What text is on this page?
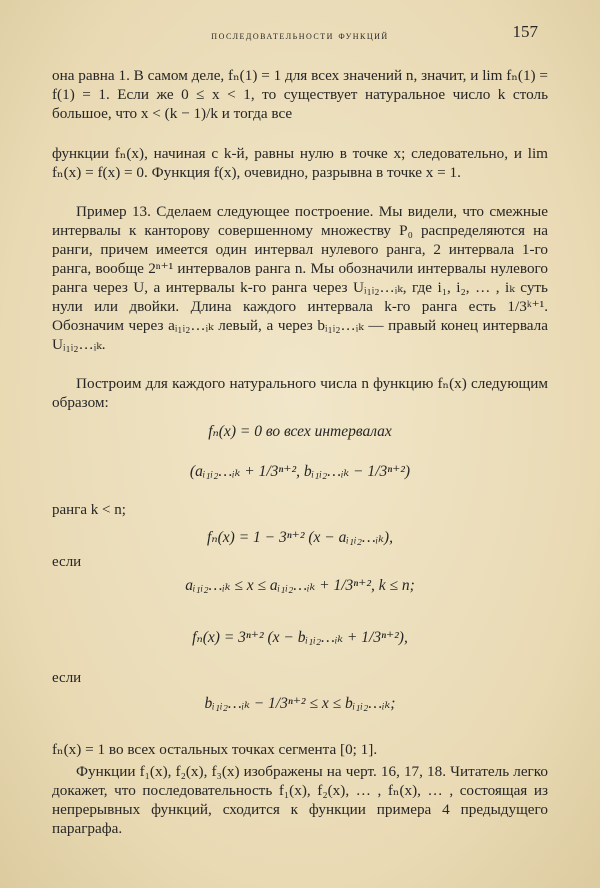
последовательности функций	157
она равна 1. В самом деле, fₙ(1) = 1 для всех значений n, значит, и lim fₙ(1) = f(1) = 1. Если же 0 ≤ x < 1, то существует натуральное число k столь большое, что x < (k − 1)/k и тогда все
функции fₙ(x), начиная с k-й, равны нулю в точке x; следовательно, и lim fₙ(x) = f(x) = 0. Функция f(x), очевидно, разрывна в точке x = 1.
Пример 13. Сделаем следующее построение. Мы видели, что смежные интервалы к канторову совершенному множеству P₀ распределяются на ранги, причем имеется один интервал нулевого ранга, 2 интервала 1-го ранга, вообще 2ⁿ⁺¹ интервалов ранга n. Мы обозначили интервалы нулевого ранга через U, а интервалы k-го ранга через Uᵢ₁ᵢ₂…ᵢₖ, где i₁, i₂, … , iₖ суть нули или двойки. Длина каждого интервала k-го ранга есть 1/3ᵏ⁺¹. Обозначим через aᵢ₁ᵢ₂…ᵢₖ левый, а через bᵢ₁ᵢ₂…ᵢₖ — правый конец интервала Uᵢ₁ᵢ₂…ᵢₖ.
Построим для каждого натурального числа n функцию fₙ(x) следующим образом:
fₙ(x) = 0 во всех интервалах
(aᵢ₁ᵢ₂…ᵢₖ + 1/3ⁿ⁺², bᵢ₁ᵢ₂…ᵢₖ − 1/3ⁿ⁺²)
ранга k < n;
fₙ(x) = 1 − 3ⁿ⁺² (x − aᵢ₁ᵢ₂…ᵢₖ),
если
aᵢ₁ᵢ₂…ᵢₖ ≤ x ≤ aᵢ₁ᵢ₂…ᵢₖ + 1/3ⁿ⁺², k ≤ n;
fₙ(x) = 3ⁿ⁺² (x − bᵢ₁ᵢ₂…ᵢₖ + 1/3ⁿ⁺²),
если
bᵢ₁ᵢ₂…ᵢₖ − 1/3ⁿ⁺² ≤ x ≤ bᵢ₁ᵢ₂…ᵢₖ;
fₙ(x) = 1 во всех остальных точках сегмента [0; 1].
Функции f₁(x), f₂(x), f₃(x) изображены на черт. 16, 17, 18. Читатель легко докажет, что последовательность f₁(x), f₂(x), … , fₙ(x), … , состоящая из непрерывных функций, сходится к функции примера 4 предыдущего параграфа.
